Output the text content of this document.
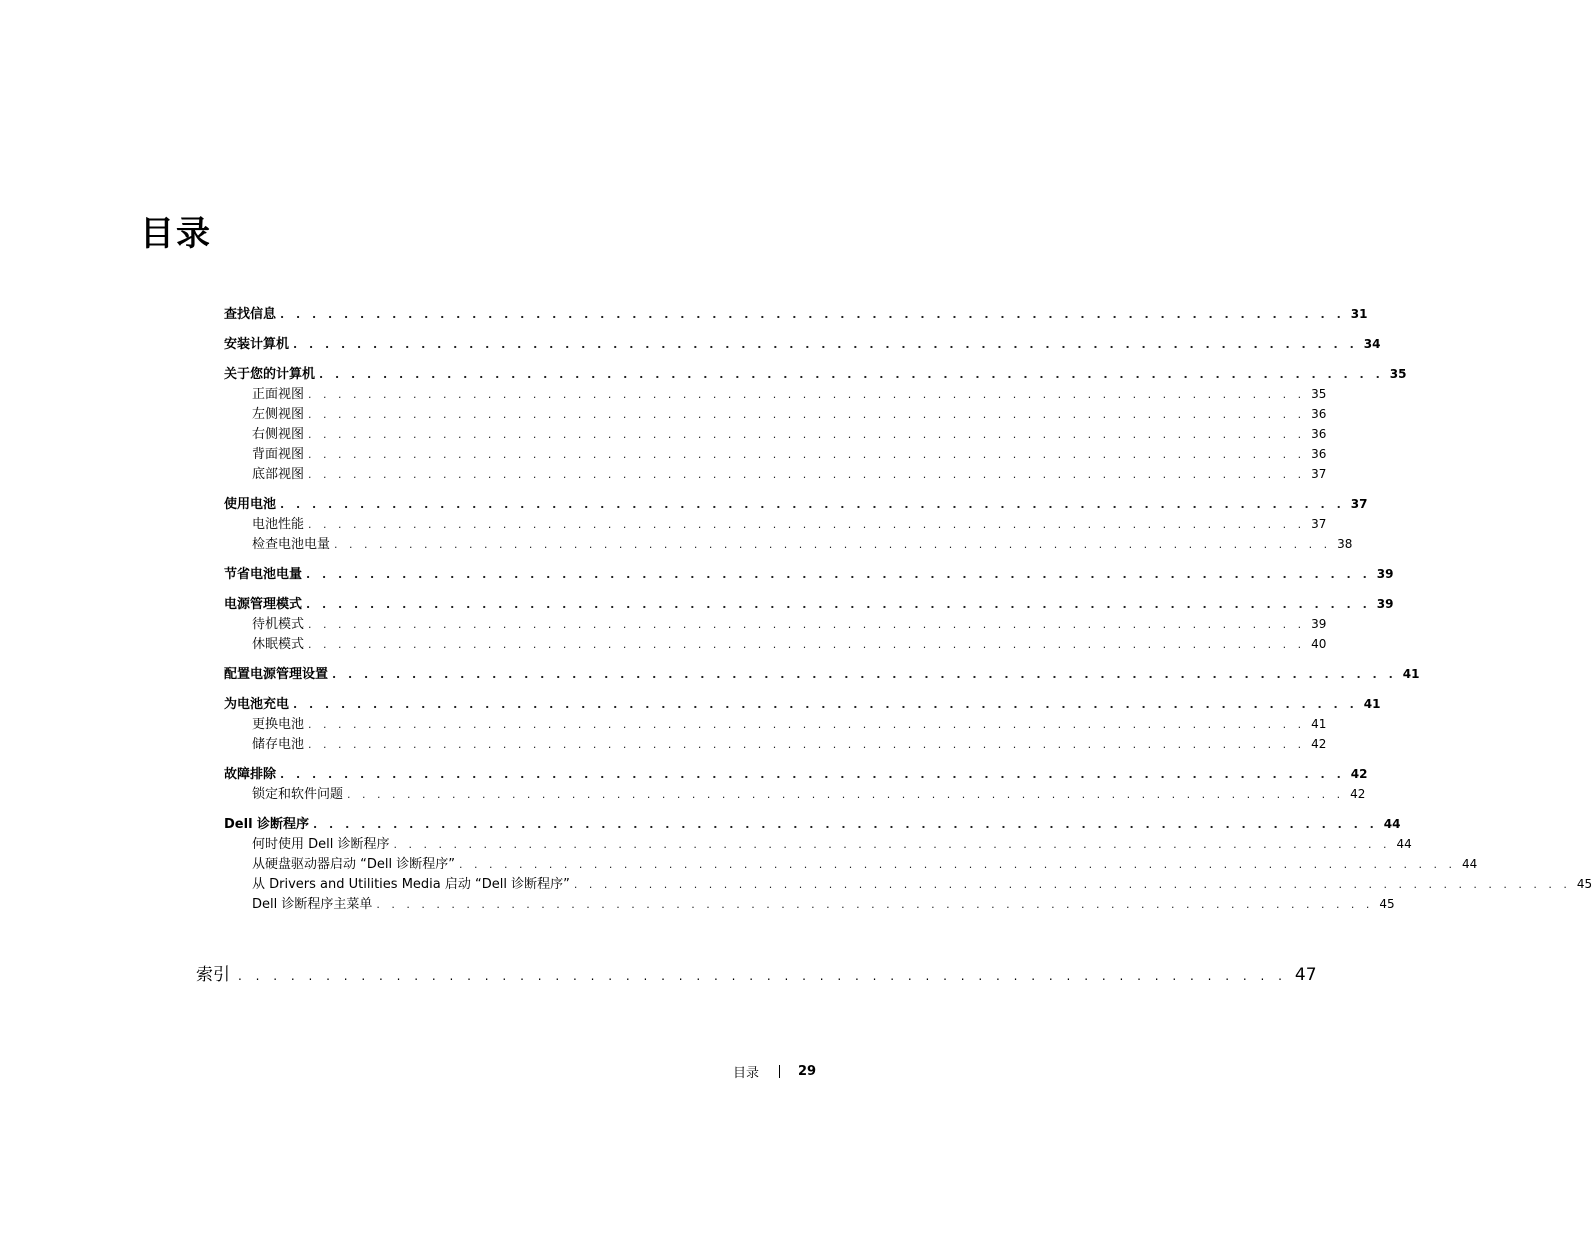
目录
查找信息 . . . . . . . . . . . . . . . . . . . . . . . . . . . . . . . . . . . . . . . . . . . . . . . . . . . . . . . . . . . . . . . . . . . 31
安装计算机 . . . . . . . . . . . . . . . . . . . . . . . . . . . . . . . . . . . . . . . . . . . . . . . . . . . . . . . . . . . . . . . . . . . 34
关于您的计算机 . . . . . . . . . . . . . . . . . . . . . . . . . . . . . . . . . . . . . . . . . . . . . . . . . . . . . . . . . . . . . . . . . . . 35
正面视图 . . . . . . . . . . . . . . . . . . . . . . . . . . . . . . . . . . . . . . . . . . . . . . . . . . . . . . . . . . . . . . . . . . . 35
左侧视图 . . . . . . . . . . . . . . . . . . . . . . . . . . . . . . . . . . . . . . . . . . . . . . . . . . . . . . . . . . . . . . . . . . . 36
右侧视图 . . . . . . . . . . . . . . . . . . . . . . . . . . . . . . . . . . . . . . . . . . . . . . . . . . . . . . . . . . . . . . . . . . . 36
背面视图 . . . . . . . . . . . . . . . . . . . . . . . . . . . . . . . . . . . . . . . . . . . . . . . . . . . . . . . . . . . . . . . . . . . 36
底部视图 . . . . . . . . . . . . . . . . . . . . . . . . . . . . . . . . . . . . . . . . . . . . . . . . . . . . . . . . . . . . . . . . . . . 37
使用电池 . . . . . . . . . . . . . . . . . . . . . . . . . . . . . . . . . . . . . . . . . . . . . . . . . . . . . . . . . . . . . . . . . . . 37
电池性能 . . . . . . . . . . . . . . . . . . . . . . . . . . . . . . . . . . . . . . . . . . . . . . . . . . . . . . . . . . . . . . . . . . . 37
检查电池电量 . . . . . . . . . . . . . . . . . . . . . . . . . . . . . . . . . . . . . . . . . . . . . . . . . . . . . . . . . . . . . . . . . . . 38
节省电池电量 . . . . . . . . . . . . . . . . . . . . . . . . . . . . . . . . . . . . . . . . . . . . . . . . . . . . . . . . . . . . . . . . . . . 39
电源管理模式 . . . . . . . . . . . . . . . . . . . . . . . . . . . . . . . . . . . . . . . . . . . . . . . . . . . . . . . . . . . . . . . . . . . 39
待机模式 . . . . . . . . . . . . . . . . . . . . . . . . . . . . . . . . . . . . . . . . . . . . . . . . . . . . . . . . . . . . . . . . . . . 39
休眠模式 . . . . . . . . . . . . . . . . . . . . . . . . . . . . . . . . . . . . . . . . . . . . . . . . . . . . . . . . . . . . . . . . . . . 40
配置电源管理设置 . . . . . . . . . . . . . . . . . . . . . . . . . . . . . . . . . . . . . . . . . . . . . . . . . . . . . . . . . . . . . . . . . . . 41
为电池充电 . . . . . . . . . . . . . . . . . . . . . . . . . . . . . . . . . . . . . . . . . . . . . . . . . . . . . . . . . . . . . . . . . . . 41
更换电池 . . . . . . . . . . . . . . . . . . . . . . . . . . . . . . . . . . . . . . . . . . . . . . . . . . . . . . . . . . . . . . . . . . . 41
储存电池 . . . . . . . . . . . . . . . . . . . . . . . . . . . . . . . . . . . . . . . . . . . . . . . . . . . . . . . . . . . . . . . . . . . 42
故障排除 . . . . . . . . . . . . . . . . . . . . . . . . . . . . . . . . . . . . . . . . . . . . . . . . . . . . . . . . . . . . . . . . . . . 42
锁定和软件问题 . . . . . . . . . . . . . . . . . . . . . . . . . . . . . . . . . . . . . . . . . . . . . . . . . . . . . . . . . . . . . . . . . . . 42
Dell 诊断程序 . . . . . . . . . . . . . . . . . . . . . . . . . . . . . . . . . . . . . . . . . . . . . . . . . . . . . . . . . . . . . . . . . . . 44
何时使用 Dell 诊断程序 . . . . . . . . . . . . . . . . . . . . . . . . . . . . . . . . . . . . . . . . . . . . . . . . . . . . . . . . . . . . . . . . . . . 44
从硬盘驱动器启动 “Dell 诊断程序” . . . . . . . . . . . . . . . . . . . . . . . . . . . . . . . . . . . . . . . . . . . . . . . . . . . . . . . . . . . . . . . . . . . 44
从 Drivers and Utilities Media 启动 “Dell 诊断程序” . . . . . . . . . . . . . . . . . . . . . . . . . . . . . . . . . . . . . . . . . . . . . . . . . . . . . . . . . . . . . . . . . . . 45
Dell 诊断程序主菜单 . . . . . . . . . . . . . . . . . . . . . . . . . . . . . . . . . . . . . . . . . . . . . . . . . . . . . . . . . . . . . . . . . . . 45
索引 . . . . . . . . . . . . . . . . . . . . . . . . . . . . . . . . . . . . . . . . . . . . . . . . . . . . . . . . . . . . 47
目录	29
